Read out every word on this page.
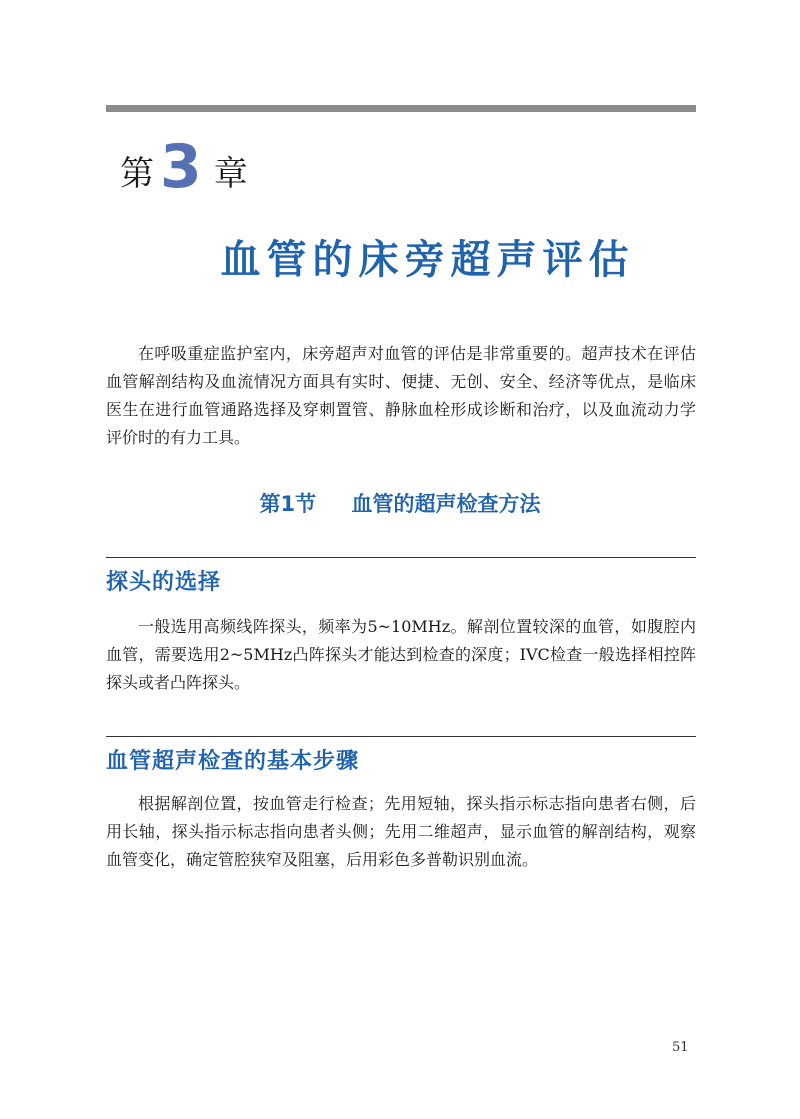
第 3 章
血管的床旁超声评估

在呼吸重症监护室内，床旁超声对血管的评估是非常重要的。超声技术在评估血管解剖结构及血流情况方面具有实时、便捷、无创、安全、经济等优点，是临床医生在进行血管通路选择及穿刺置管、静脉血栓形成诊断和治疗，以及血流动力学评价时的有力工具。

第1节 血管的超声检查方法
探头的选择

一般选用高频线阵探头，频率为5~10MHz。解剖位置较深的血管，如腹腔内血管，需要选用2~5MHz凸阵探头才能达到检查的深度；IVC检查一般选择相控阵探头或者凸阵探头。

血管超声检查的基本步骤

根据解剖位置，按血管走行检查；先用短轴，探头指示标志指向患者右侧，后用长轴，探头指示标志指向患者头侧；先用二维超声，显示血管的解剖结构，观察血管变化，确定管腔狭窄及阻塞，后用彩色多普勒识别血流。

51
